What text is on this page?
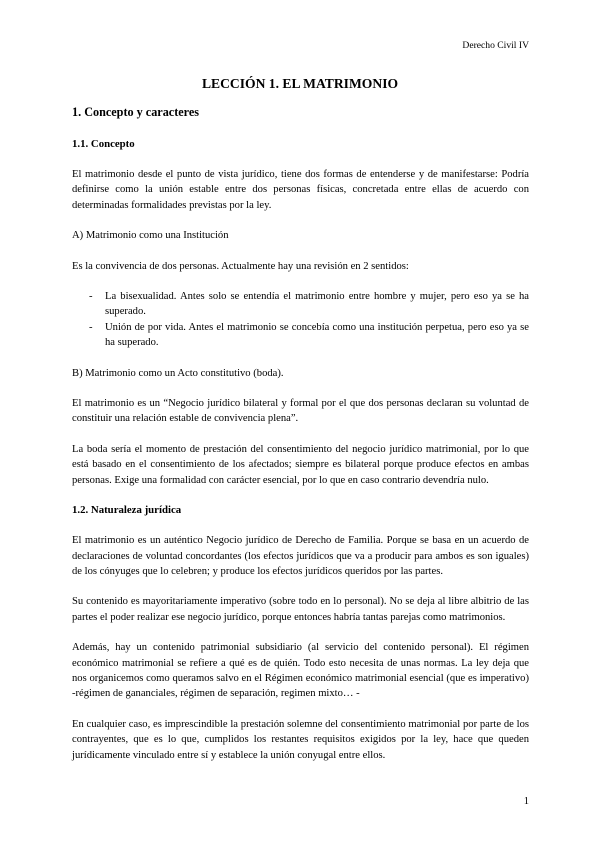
Derecho Civil IV
LECCIÓN 1. EL MATRIMONIO
1. Concepto y caracteres
1.1. Concepto

El matrimonio desde el punto de vista jurídico, tiene dos formas de entenderse y de manifestarse: Podría definirse como la unión estable entre dos personas físicas, concretada entre ellas de acuerdo con determinadas formalidades previstas por la ley.

A) Matrimonio como una Institución

Es la convivencia de dos personas. Actualmente hay una revisión en 2 sentidos:

- La bisexualidad. Antes solo se entendía el matrimonio entre hombre y mujer, pero eso ya se ha superado.
- Unión de por vida. Antes el matrimonio se concebía como una institución perpetua, pero eso ya se ha superado.

B) Matrimonio como un Acto constitutivo (boda).

El matrimonio es un “Negocio jurídico bilateral y formal por el que dos personas declaran su voluntad de constituir una relación estable de convivencia plena”.

La boda sería el momento de prestación del consentimiento del negocio jurídico matrimonial, por lo que está basado en el consentimiento de los afectados; siempre es bilateral porque produce efectos en ambas personas. Exige una formalidad con carácter esencial, por lo que en caso contrario devendría nulo.

1.2. Naturaleza jurídica

El matrimonio es un auténtico Negocio jurídico de Derecho de Familia. Porque se basa en un acuerdo de declaraciones de voluntad concordantes (los efectos jurídicos que va a producir para ambos es son iguales) de los cónyuges que lo celebren; y produce los efectos jurídicos queridos por las partes.

Su contenido es mayoritariamente imperativo (sobre todo en lo personal). No se deja al libre albitrio de las partes el poder realizar ese negocio jurídico, porque entonces habría tantas parejas como matrimonios.

Además, hay un contenido patrimonial subsidiario (al servicio del contenido personal). El régimen económico matrimonial se refiere a qué es de quién. Todo esto necesita de unas normas. La ley deja que nos organicemos como queramos salvo en el Régimen económico matrimonial esencial (que es imperativo) -régimen de gananciales, régimen de separación, regimen mixto… -

En cualquier caso, es imprescindible la prestación solemne del consentimiento matrimonial por parte de los contrayentes, que es lo que, cumplidos los restantes requisitos exigidos por la ley, hace que queden jurídicamente vinculado entre sí y establece la unión conyugal entre ellos.

1
